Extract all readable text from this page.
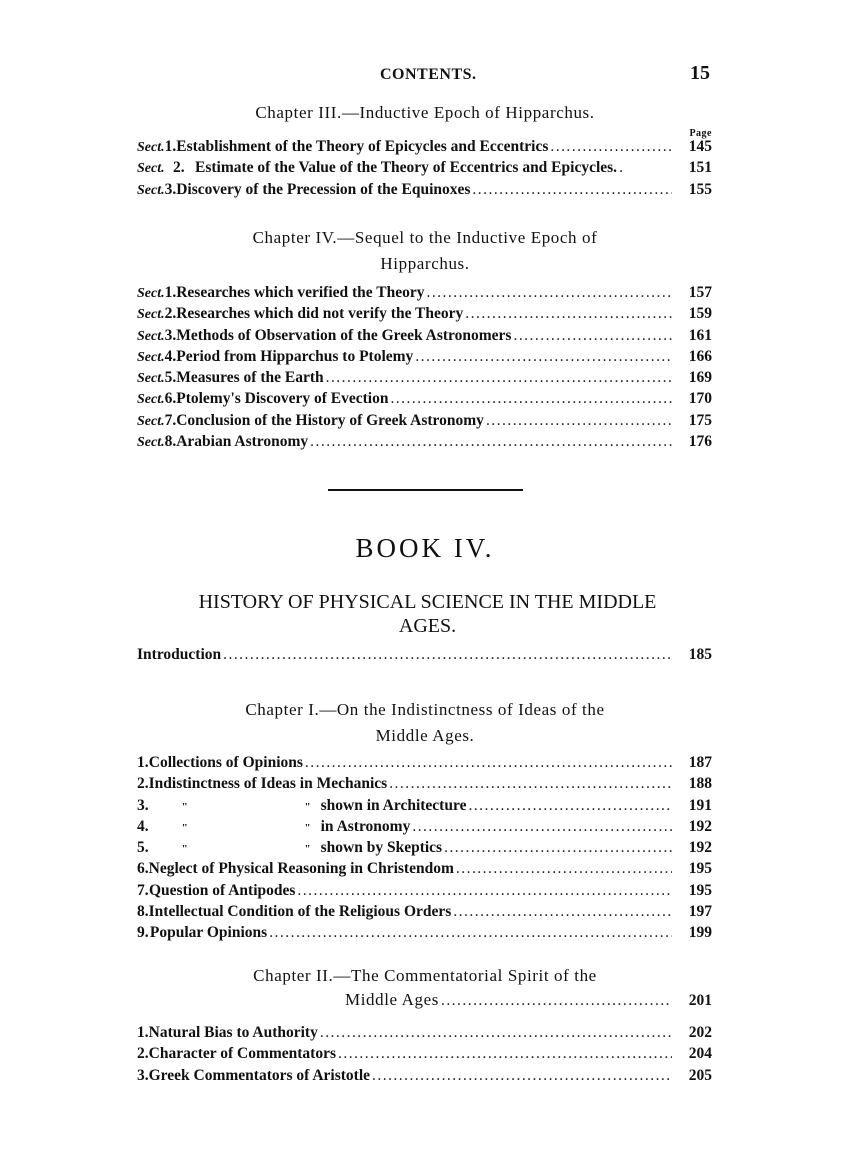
CONTENTS.	15
Chapter III.—Inductive Epoch of Hipparchus.
Page
Sect. 1. Establishment of the Theory of Epicycles and Eccentrics . . .	145
Sect. 2. Estimate of the Value of the Theory of Eccentrics and Epicycles. . . .	151
Sect. 3. Discovery of the Precession of the Equinoxes . . .	155
Chapter IV.—Sequel to the Inductive Epoch of
Hipparchus.
Sect. 1. Researches which verified the Theory . . .	157
Sect. 2. Researches which did not verify the Theory . . .	159
Sect. 3. Methods of Observation of the Greek Astronomers . . .	161
Sect. 4. Period from Hipparchus to Ptolemy . . .	166
Sect. 5. Measures of the Earth . . .	169
Sect. 6. Ptolemy's Discovery of Evection . . .	170
Sect. 7. Conclusion of the History of Greek Astronomy . . .	175
Sect. 8. Arabian Astronomy . . .	176
BOOK IV.
HISTORY OF PHYSICAL SCIENCE IN THE MIDDLE
AGES.
Introduction . . .	185
Chapter I.—On the Indistinctness of Ideas of the
Middle Ages.
1. Collections of Opinions . . .	187
2. Indistinctness of Ideas in Mechanics . . .	188
3.	"	" shown in Architecture . . .	191
4.	"	" in Astronomy . . .	192
5.	"	" shown by Skeptics . . .	192
6. Neglect of Physical Reasoning in Christendom . . .	195
7. Question of Antipodes . . .	195
8. Intellectual Condition of the Religious Orders . . .	197
9. Popular Opinions . . .	199
Chapter II.—The Commentatorial Spirit of the
Middle Ages . . .	201
1. Natural Bias to Authority . . .	202
2. Character of Commentators . . .	204
3. Greek Commentators of Aristotle . . .	205
